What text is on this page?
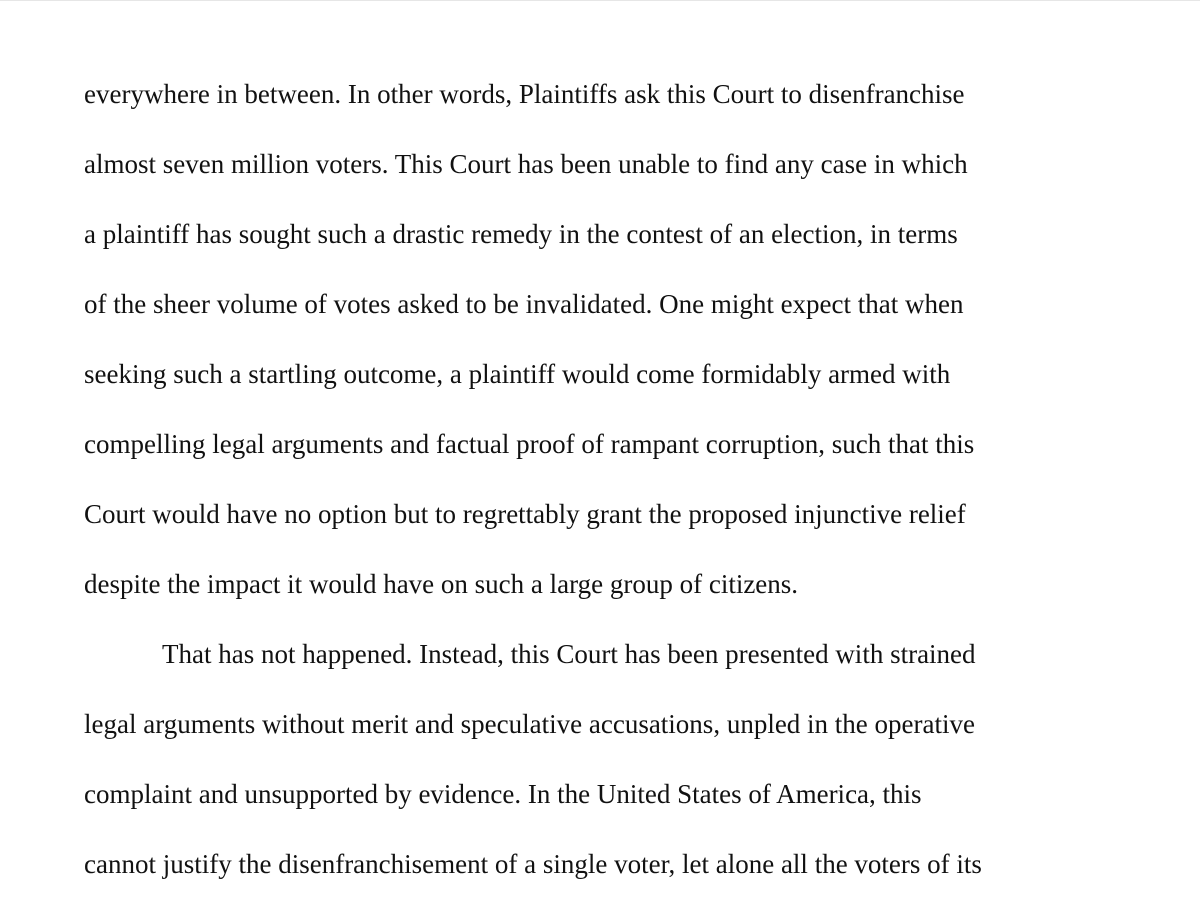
everywhere in between. In other words, Plaintiffs ask this Court to disenfranchise
almost seven million voters. This Court has been unable to find any case in which
a plaintiff has sought such a drastic remedy in the contest of an election, in terms
of the sheer volume of votes asked to be invalidated. One might expect that when
seeking such a startling outcome, a plaintiff would come formidably armed with
compelling legal arguments and factual proof of rampant corruption, such that this
Court would have no option but to regrettably grant the proposed injunctive relief
despite the impact it would have on such a large group of citizens.
That has not happened. Instead, this Court has been presented with strained
legal arguments without merit and speculative accusations, unpled in the operative
complaint and unsupported by evidence. In the United States of America, this
cannot justify the disenfranchisement of a single voter, let alone all the voters of its
